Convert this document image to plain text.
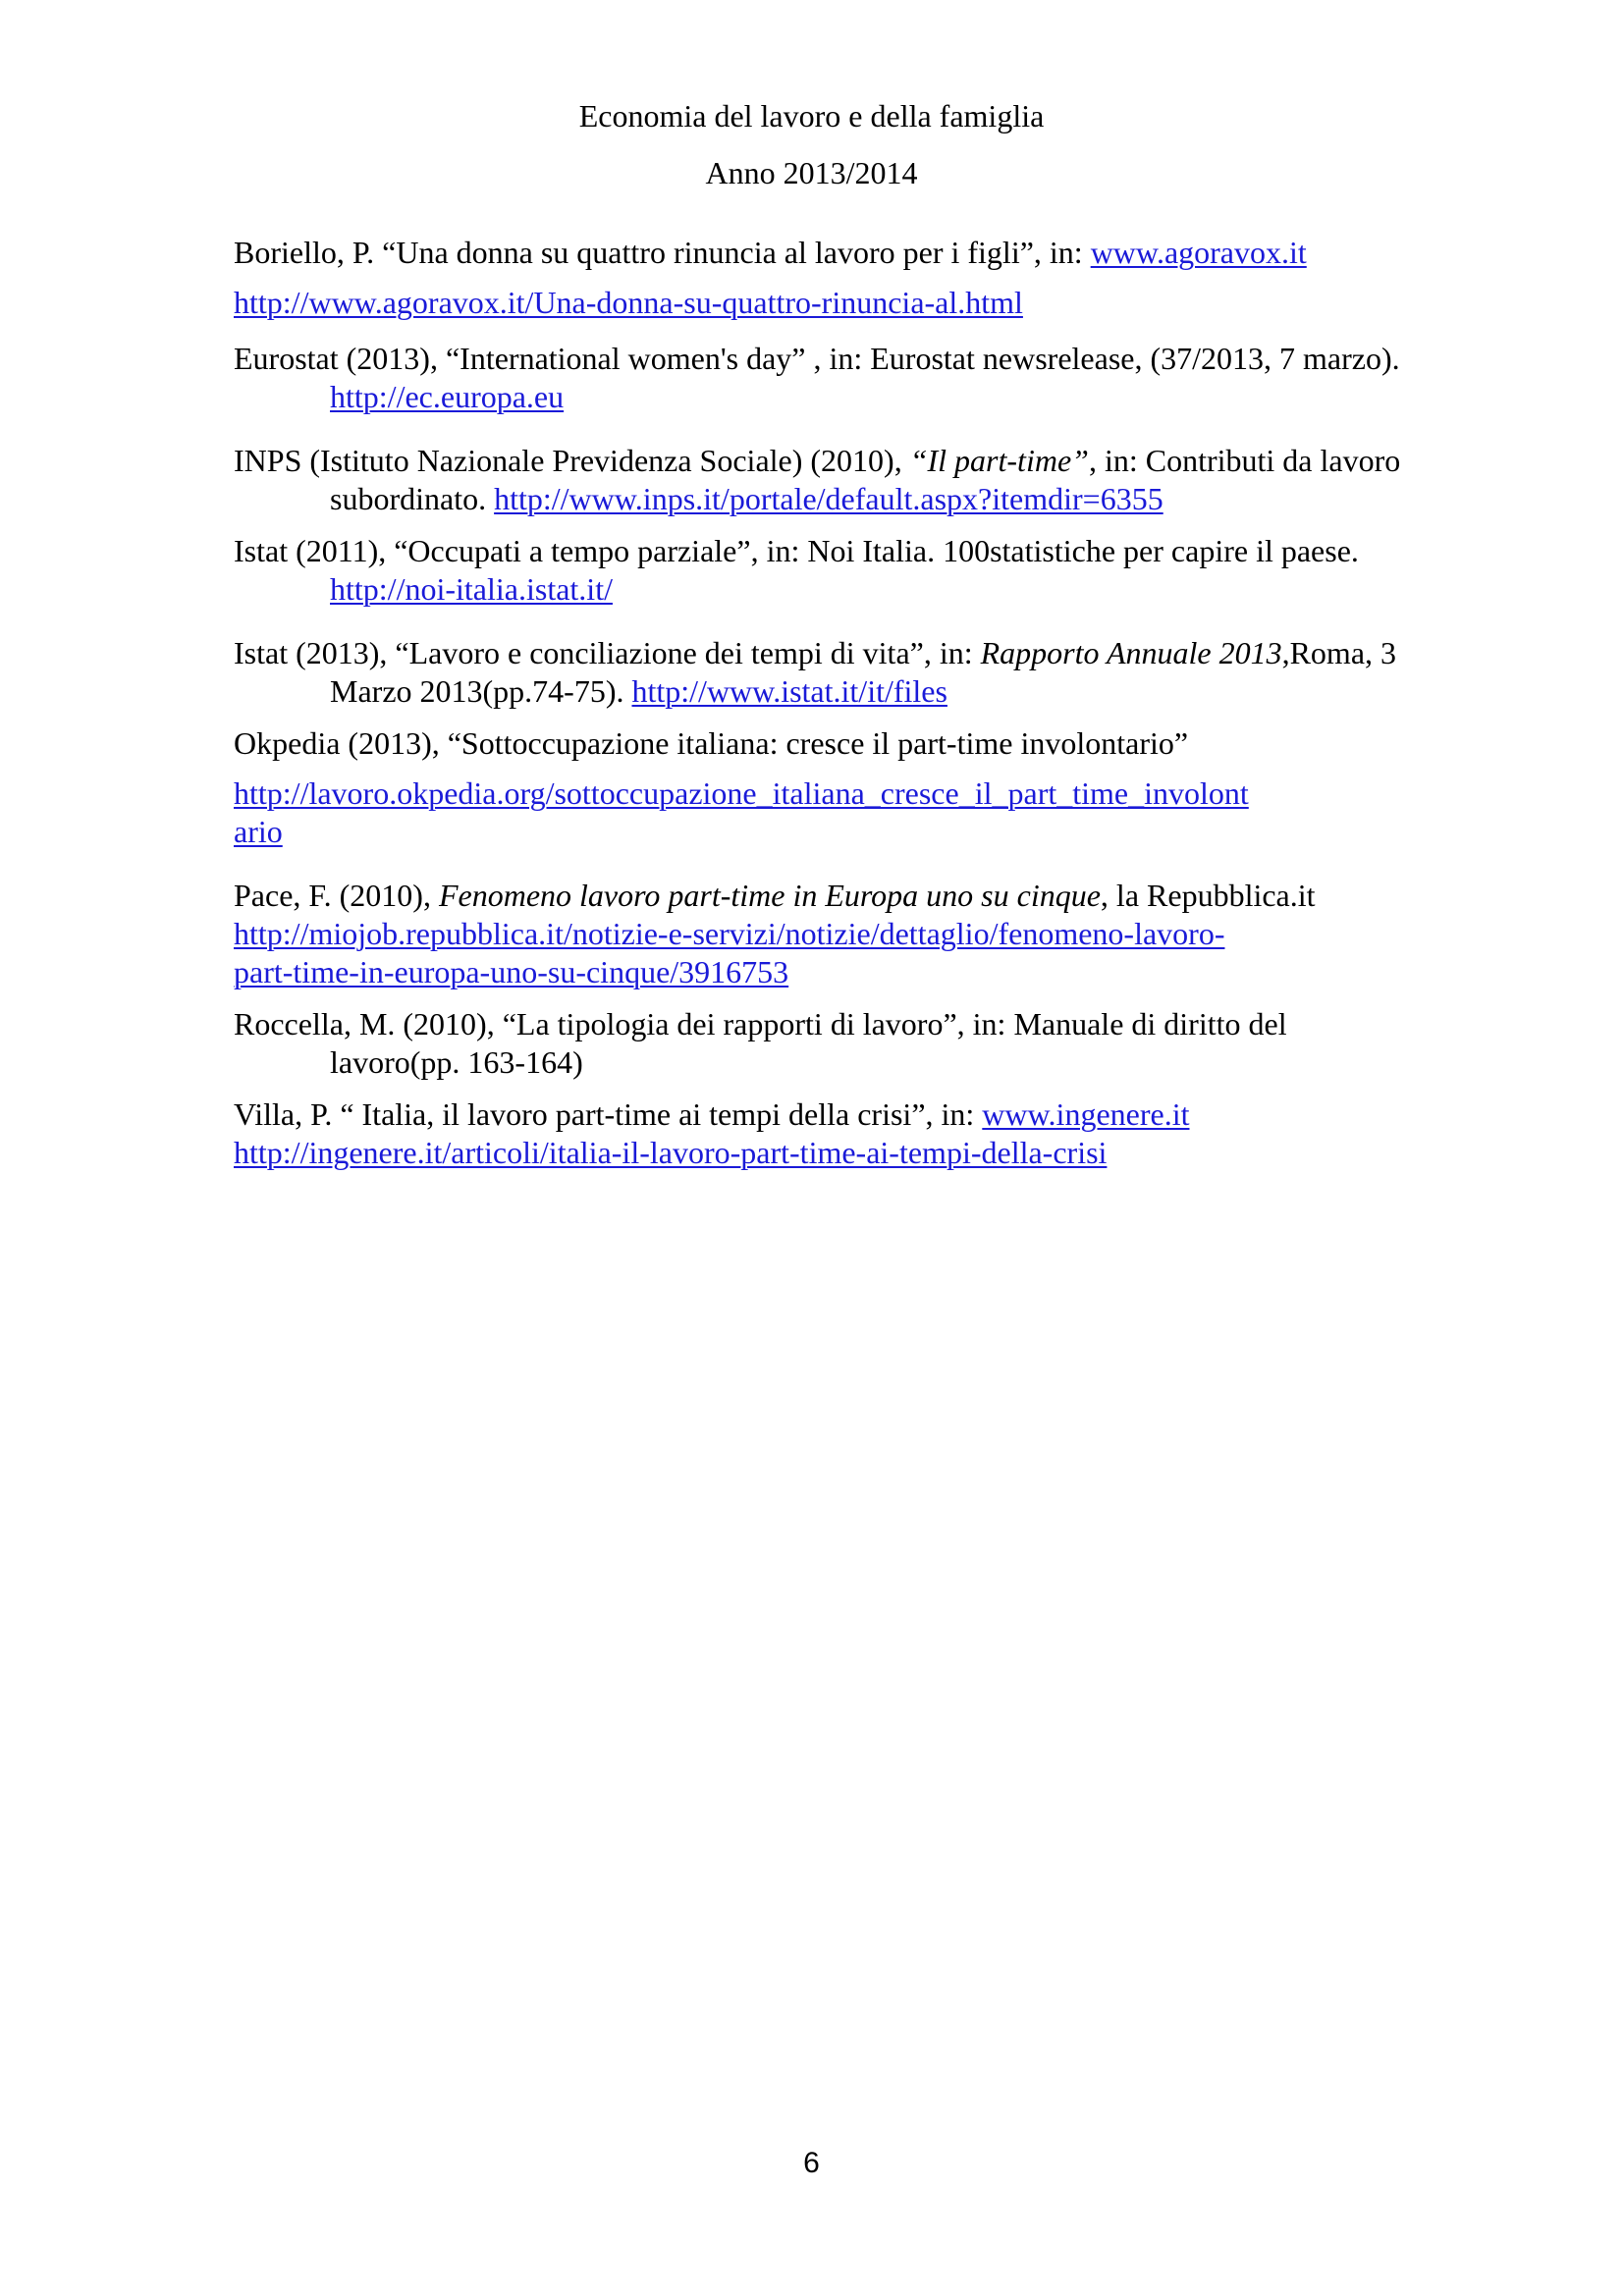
Economia del lavoro e della famiglia
Anno 2013/2014
Boriello, P. “Una donna su quattro rinuncia al lavoro per i figli”, in: www.agoravox.it
http://www.agoravox.it/Una-donna-su-quattro-rinuncia-al.html
Eurostat (2013), “International women's day” , in: Eurostat newsrelease, (37/2013, 7 marzo). http://ec.europa.eu
INPS (Istituto Nazionale Previdenza Sociale) (2010), “Il part-time”, in: Contributi da lavoro subordinato. http://www.inps.it/portale/default.aspx?itemdir=6355
Istat (2011), “Occupati a tempo parziale”, in: Noi Italia. 100statistiche per capire il paese. http://noi-italia.istat.it/
Istat (2013), “Lavoro e conciliazione dei tempi di vita”, in: Rapporto Annuale 2013,Roma, 3 Marzo 2013(pp.74-75). http://www.istat.it/it/files
Okpedia (2013), “Sottoccupazione italiana: cresce il part-time involontario”
http://lavoro.okpedia.org/sottoccupazione_italiana_cresce_il_part_time_involont
ario
Pace, F. (2010), Fenomeno lavoro part-time in Europa uno su cinque, la Repubblica.it
http://miojob.repubblica.it/notizie-e-servizi/notizie/dettaglio/fenomeno-lavoro-
part-time-in-europa-uno-su-cinque/3916753
Roccella, M. (2010), “La tipologia dei rapporti di lavoro”, in: Manuale di diritto del lavoro(pp. 163-164)
Villa, P. “ Italia, il lavoro part-time ai tempi della crisi”, in: www.ingenere.it
http://ingenere.it/articoli/italia-il-lavoro-part-time-ai-tempi-della-crisi
6
